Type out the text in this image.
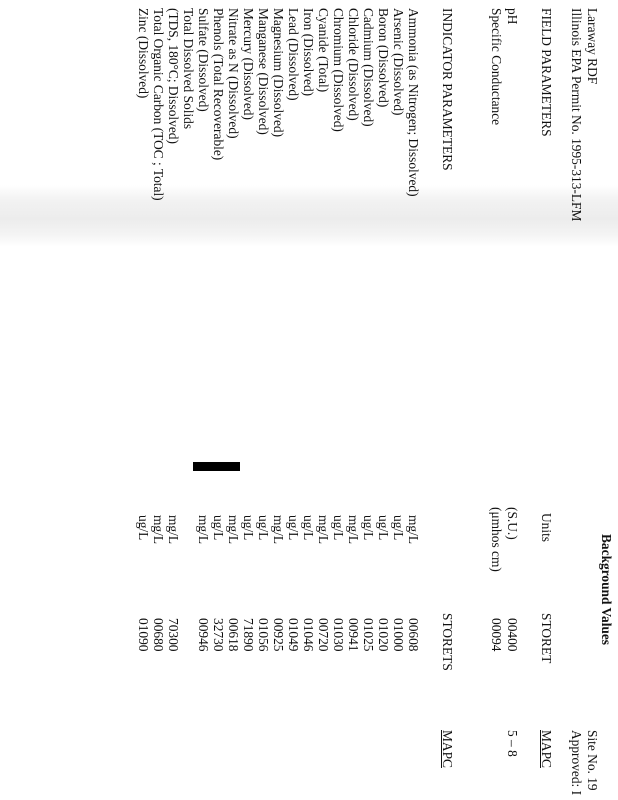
Background Values
Laraway RDF
Illinois EPA Permit No. 1995-313-LFM
Site No. 19
Approved: I
FIELD PARAMETERS
Units
STORET
MAPC
pH
(S.U.)
00400
5 – 8
Specific Conductance
(μmhos cm)
00094
INDICATOR PARAMETERS
STORETS
MAPC
Ammonia (as Nitrogen; Dissolved)
mg/L
00608
Arsenic (Dissolved)
ug/L
01000
Boron (Dissolved)
ug/L
01020
Cadmium (Dissolved)
ug/L
01025
Chloride (Dissolved)
mg/L
00941
Chromium (Dissolved)
ug/L
01030
Cyanide (Total)
mg/L
00720
Iron (Dissolved)
ug/L
01046
Lead (Dissolved)
ug/L
01049
Magnesium (Dissolved)
mg/L
00925
Manganese (Dissolved)
ug/L
01056
Mercury (Dissolved)
ug/L
71890
Nitrate as N (Dissolved)
mg/L
00618
Phenols (Total Recoverable)
ug/L
32730
Sulfate (Dissolved)
mg/L
00946
Total Dissolved Solids
(TDS, 180°C; Dissolved)
mg/L
70300
Total Organic Carbon (TOC ; Total)
mg/L
00680
Zinc (Dissolved)
ug/L
01090
